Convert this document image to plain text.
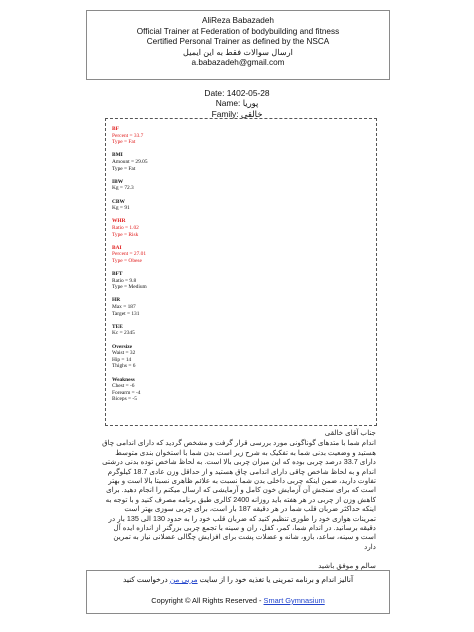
AliReza Babazadeh
Official Trainer at Federation of bodybuilding and fitness
Certified Personal Trainer as defined by the NSCA
ارسال سوالات فقط به این ایمیل
a.babazadeh@gmail.com
Date: 1402-05-28
Name: پوریا
Family: خالقی
BF
Percent = 33.7
Type = Fat
BMI
Amount = 29.05
Type = Fat
IBW
Kg = 72.3
CBW
Kg = 91
WHR
Ratio = 1.02
Type = Risk
BAI
Percent = 27.01
Type = Obese
BFT
Ratio = 9.8
Type = Medium
HR
Max = 187
Target = 131
TEE
Kc = 2345
Oversize
Waist = 32
Hip = 14
Thighs = 6
Weakness
Chest = -6
Forearm = -4
Biceps = -5

جناب آقای خالقی

اندام شما با متدهای گوناگونی مورد بررسی قرار گرفت و مشخص گردید که دارای اندامی چاق هستید و وضعیت بدنی شما به تفکیک به شرح زیر است بدن شما با استخوان بندی متوسط دارای 33.7 درصد چربی بوده که این میزان چربی بالا است. به لحاظ شاخص توده بدنی درشتی اندام و به لحاظ شاخص چاقی دارای اندامی چاق هستید و از حداقل وزن عادی 18.7 کیلوگرم تفاوت دارید، ضمن اینکه چربی داخلی بدن شما نسبت به علائم ظاهری نسبتا بالا است و بهتر است که برای سنجش آن آزمایش خون کامل و آزمایشی که ارسال میکنم را انجام دهید. برای کاهش وزن از چربی در هر هفته باید روزانه 2400 کالری طبق برنامه مصرف کنید و با توجه به اینکه حداکثر ضربان قلب شما در هر دقیقه 187 بار است، برای چربی سوزی بهتر است تمرینات هوازی خود را طوری تنظیم کنید که ضربان قلب خود را به حدود 130 الی 135 بار در دقیقه برسانید. در اندام شما، کمر، کفل، ران و سینه با تجمع چربی بزرگتر از اندازه ایده آل است و سینه، ساعد، بازو، شانه و عضلات پشت برای افزایش چگالی عضلانی نیاز به تمرین دارد

سالم و موفق باشید

آنالیز اندام و برنامه تمرینی یا تغذیه خود را از سایت مربی من درخواست کنید
Copyright © All Rights Reserved - Smart Gymnasium
